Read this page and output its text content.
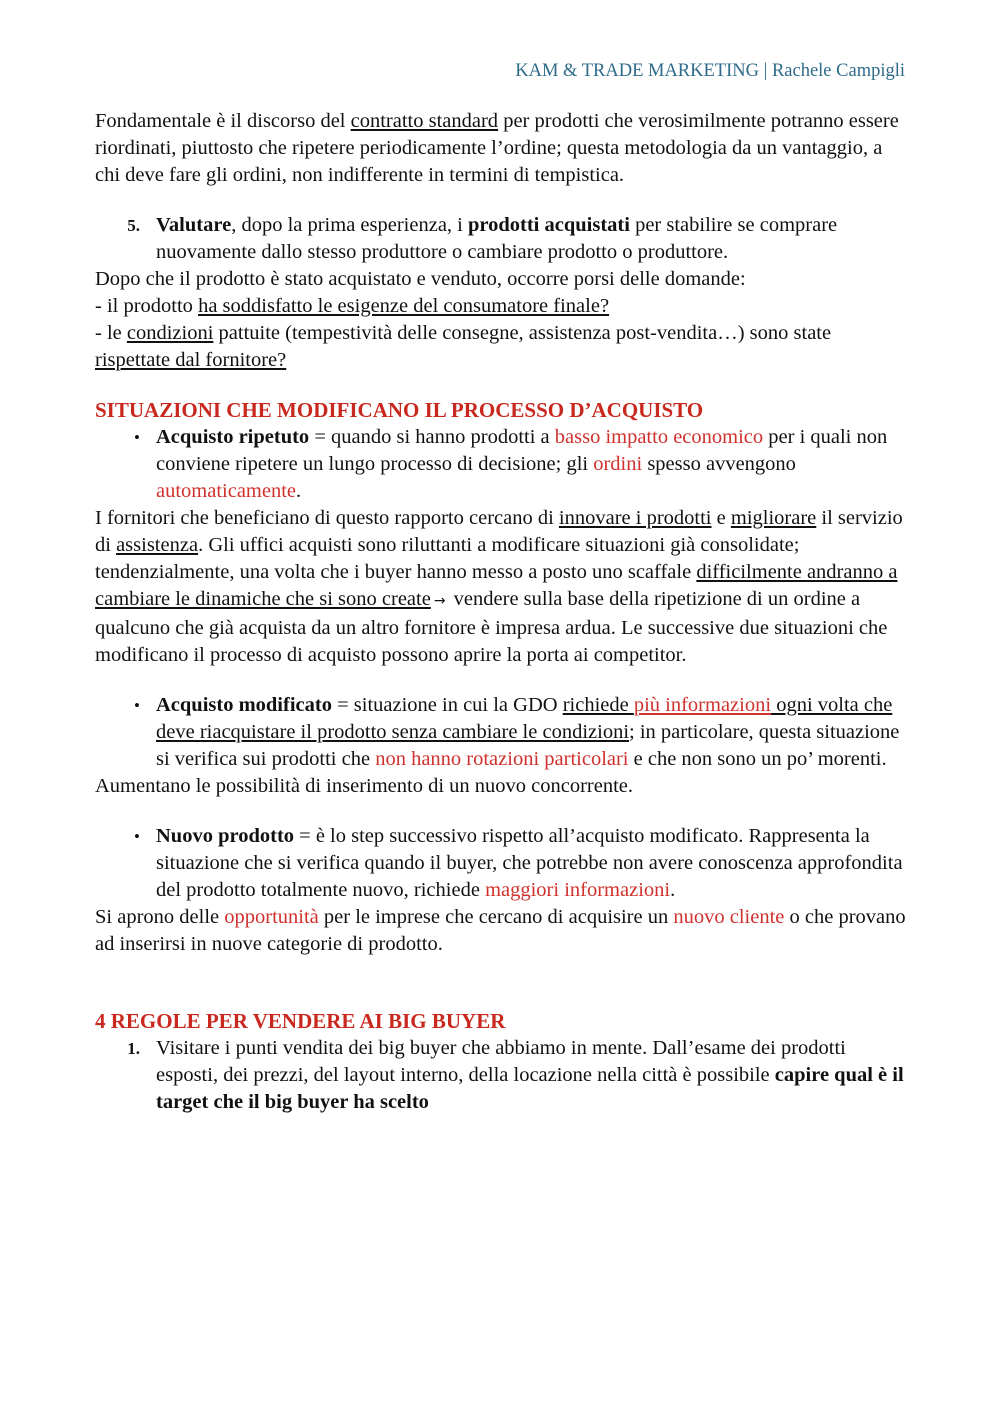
KAM & TRADE MARKETING | Rachele Campigli

Fondamentale è il discorso del contratto standard per prodotti che verosimilmente potranno essere riordinati, piuttosto che ripetere periodicamente l’ordine; questa metodologia da un vantaggio, a chi deve fare gli ordini, non indifferente in termini di tempistica.

5. Valutare, dopo la prima esperienza, i prodotti acquistati per stabilire se comprare nuovamente dallo stesso produttore o cambiare prodotto o produttore.

Dopo che il prodotto è stato acquistato e venduto, occorre porsi delle domande:

- il prodotto ha soddisfatto le esigenze del consumatore finale?

- le condizioni pattuite (tempestività delle consegne, assistenza post-vendita…) sono state rispettate dal fornitore?

SITUAZIONI CHE MODIFICANO IL PROCESSO D’ACQUISTO

• Acquisto ripetuto = quando si hanno prodotti a basso impatto economico per i quali non conviene ripetere un lungo processo di decisione; gli ordini spesso avvengono automaticamente.

I fornitori che beneficiano di questo rapporto cercano di innovare i prodotti e migliorare il servizio di assistenza. Gli uffici acquisti sono riluttanti a modificare situazioni già consolidate; tendenzialmente, una volta che i buyer hanno messo a posto uno scaffale difficilmente andranno a cambiare le dinamiche che si sono create → vendere sulla base della ripetizione di un ordine a qualcuno che già acquista da un altro fornitore è impresa ardua. Le successive due situazioni che modificano il processo di acquisto possono aprire la porta ai competitor.

• Acquisto modificato = situazione in cui la GDO richiede più informazioni ogni volta che deve riacquistare il prodotto senza cambiare le condizioni; in particolare, questa situazione si verifica sui prodotti che non hanno rotazioni particolari e che non sono un po’ morenti.

Aumentano le possibilità di inserimento di un nuovo concorrente.

• Nuovo prodotto = è lo step successivo rispetto all’acquisto modificato. Rappresenta la situazione che si verifica quando il buyer, che potrebbe non avere conoscenza approfondita del prodotto totalmente nuovo, richiede maggiori informazioni.

Si aprono delle opportunità per le imprese che cercano di acquisire un nuovo cliente o che provano ad inserirsi in nuove categorie di prodotto.

4 REGOLE PER VENDERE AI BIG BUYER

1. Visitare i punti vendita dei big buyer che abbiamo in mente. Dall’esame dei prodotti esposti, dei prezzi, del layout interno, della locazione nella città è possibile capire qual è il target che il big buyer ha scelto
